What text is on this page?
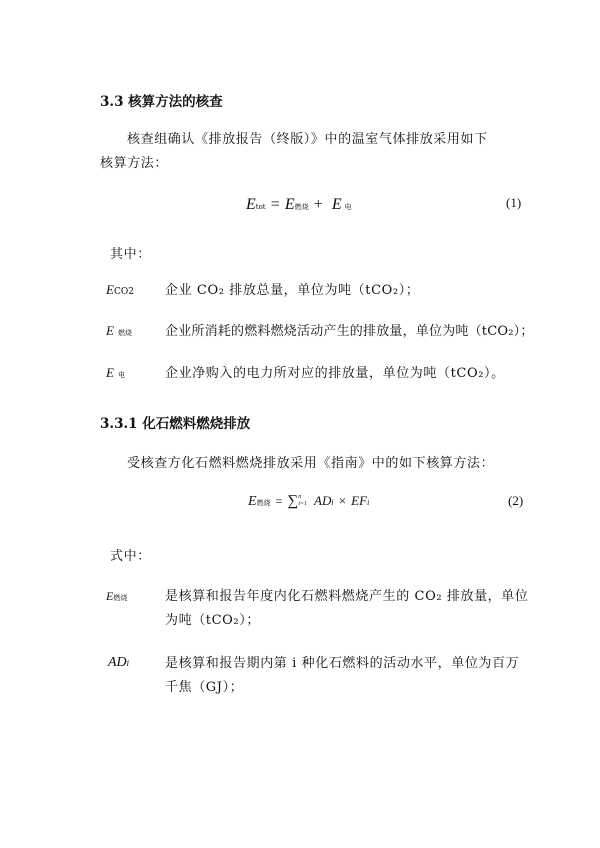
3.3 核算方法的核查
核查组确认《排放报告（终版）》中的温室气体排放采用如下
核算方法：
Etot = E燃烧 + E 电	(1)
其中：
ECO2 企业 CO₂ 排放总量，单位为吨（tCO₂）；
E燃烧	企业所消耗的燃料燃烧活动产生的排放量，单位为吨（tCO₂）；
E电	企业净购入的电力所对应的排放量，单位为吨（tCO₂）。
3.3.1 化石燃料燃烧排放
受核查方化石燃料燃烧排放采用《指南》中的如下核算方法：
E燃烧 = ∑ n
i=1 ADi × EFi	(2)
式中：
E燃烧	是核算和报告年度内化石燃料燃烧产生的 CO₂ 排放量，单位
为吨（tCO₂）；
ADi	是核算和报告期内第 i 种化石燃料的活动水平，单位为百万
千焦（GJ）；
